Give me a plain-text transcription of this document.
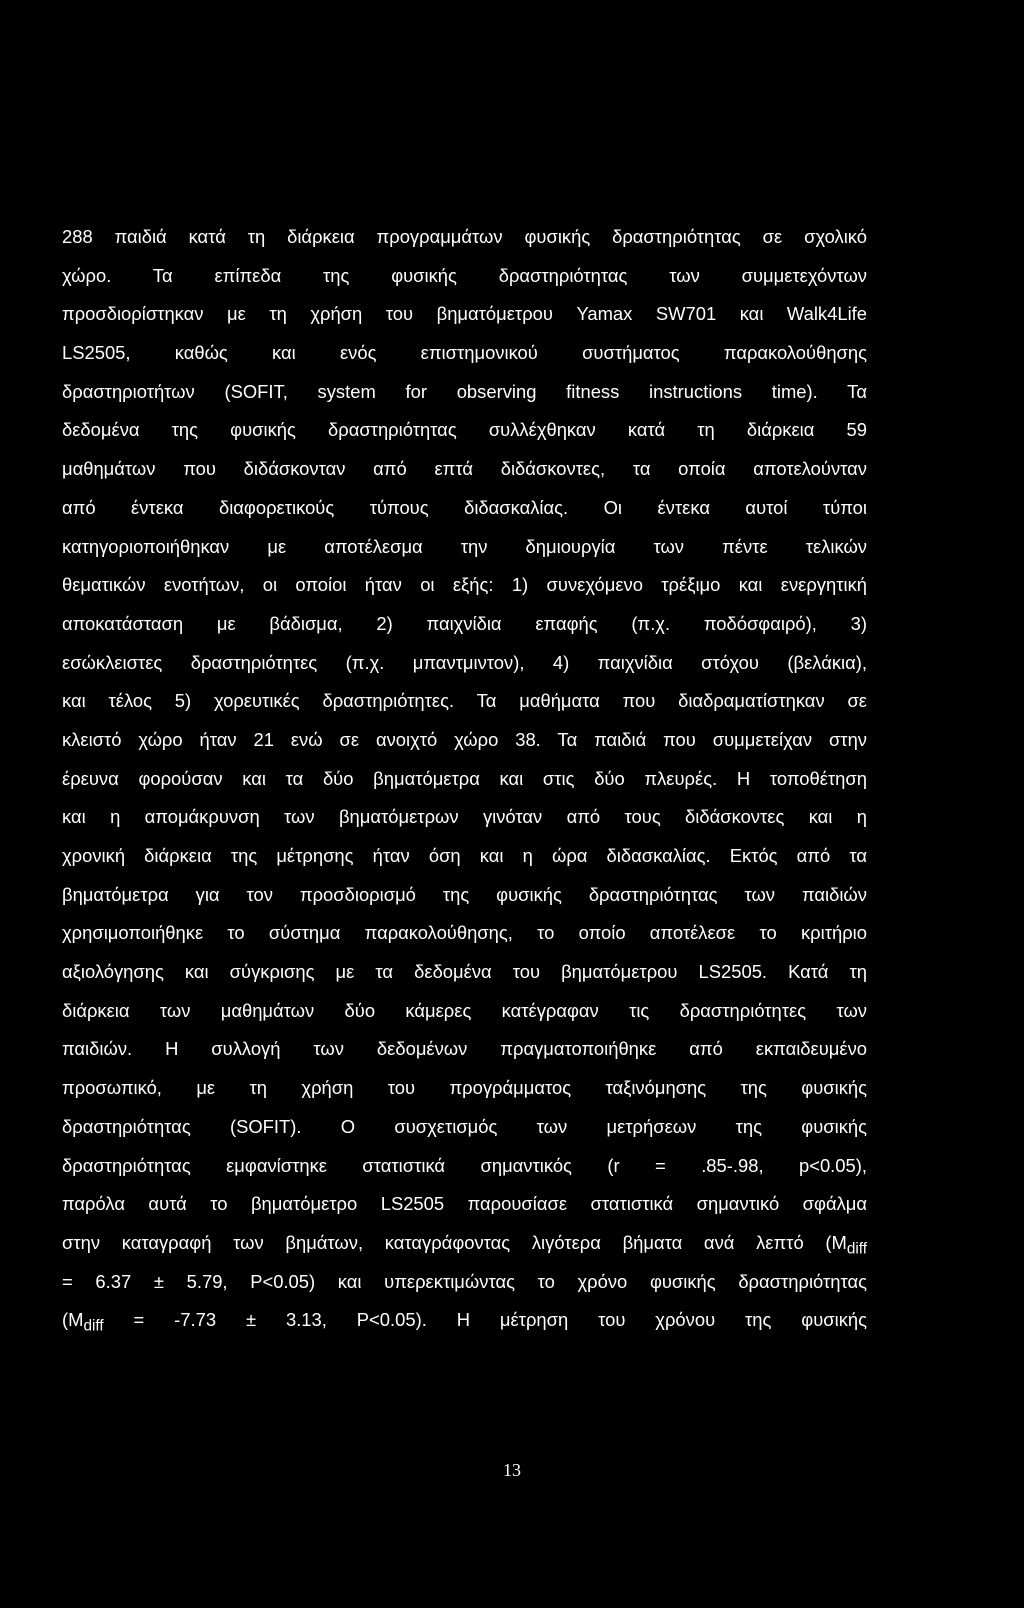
288 παιδιά κατά τη διάρκεια προγραμμάτων φυσικής δραστηριότητας σε σχολικό
χώρο. Τα επίπεδα της φυσικής δραστηριότητας των συμμετεχόντων
προσδιορίστηκαν με τη χρήση του βηματόμετρου Yamax SW701 και Walk4Life
LS2505, καθώς και ενός επιστημονικού συστήματος παρακολούθησης
δραστηριοτήτων (SOFIT, system for observing fitness instructions time). Τα
δεδομένα της φυσικής δραστηριότητας συλλέχθηκαν κατά τη διάρκεια 59
μαθημάτων που διδάσκονταν από επτά διδάσκοντες, τα οποία αποτελούνταν
από έντεκα διαφορετικούς τύπους διδασκαλίας. Οι έντεκα αυτοί τύποι
κατηγοριοποιήθηκαν με αποτέλεσμα την δημιουργία των πέντε τελικών
θεματικών ενοτήτων, οι οποίοι ήταν οι εξής: 1) συνεχόμενο τρέξιμο και ενεργητική
αποκατάσταση με βάδισμα, 2) παιχνίδια επαφής (π.χ. ποδόσφαιρό), 3)
εσώκλειστες δραστηριότητες (π.χ. μπαντμιντον), 4) παιχνίδια στόχου (βελάκια),
και τέλος 5) χορευτικές δραστηριότητες. Τα μαθήματα που διαδραματίστηκαν σε
κλειστό χώρο ήταν 21 ενώ σε ανοιχτό χώρο 38. Τα παιδιά που συμμετείχαν στην
έρευνα φορούσαν και τα δύο βηματόμετρα και στις δύο πλευρές. Η τοποθέτηση
και η απομάκρυνση των βηματόμετρων γινόταν από τους διδάσκοντες και η
χρονική διάρκεια της μέτρησης ήταν όση και η ώρα διδασκαλίας. Εκτός από τα
βηματόμετρα για τον προσδιορισμό της φυσικής δραστηριότητας των παιδιών
χρησιμοποιήθηκε το σύστημα παρακολούθησης, το οποίο αποτέλεσε το κριτήριο
αξιολόγησης και σύγκρισης με τα δεδομένα του βηματόμετρου LS2505. Κατά τη
διάρκεια των μαθημάτων δύο κάμερες κατέγραφαν τις δραστηριότητες των
παιδιών. Η συλλογή των δεδομένων πραγματοποιήθηκε από εκπαιδευμένο
προσωπικό, με τη χρήση του προγράμματος ταξινόμησης της φυσικής
δραστηριότητας (SOFIT). Ο συσχετισμός των μετρήσεων της φυσικής
δραστηριότητας εμφανίστηκε στατιστικά σημαντικός (r = .85-.98, p<0.05),
παρόλα αυτά το βηματόμετρο LS2505 παρουσίασε στατιστικά σημαντικό σφάλμα
στην καταγραφή των βημάτων, καταγράφοντας λιγότερα βήματα ανά λεπτό ($M_{diff}$
= 6.37 ± 5.79, P<0.05) και υπερεκτιμώντας το χρόνο φυσικής δραστηριότητας
($M_{diff} = -7.73 \pm 3.13$, P<0.05). Η μέτρηση του χρόνου της φυσικής
13
